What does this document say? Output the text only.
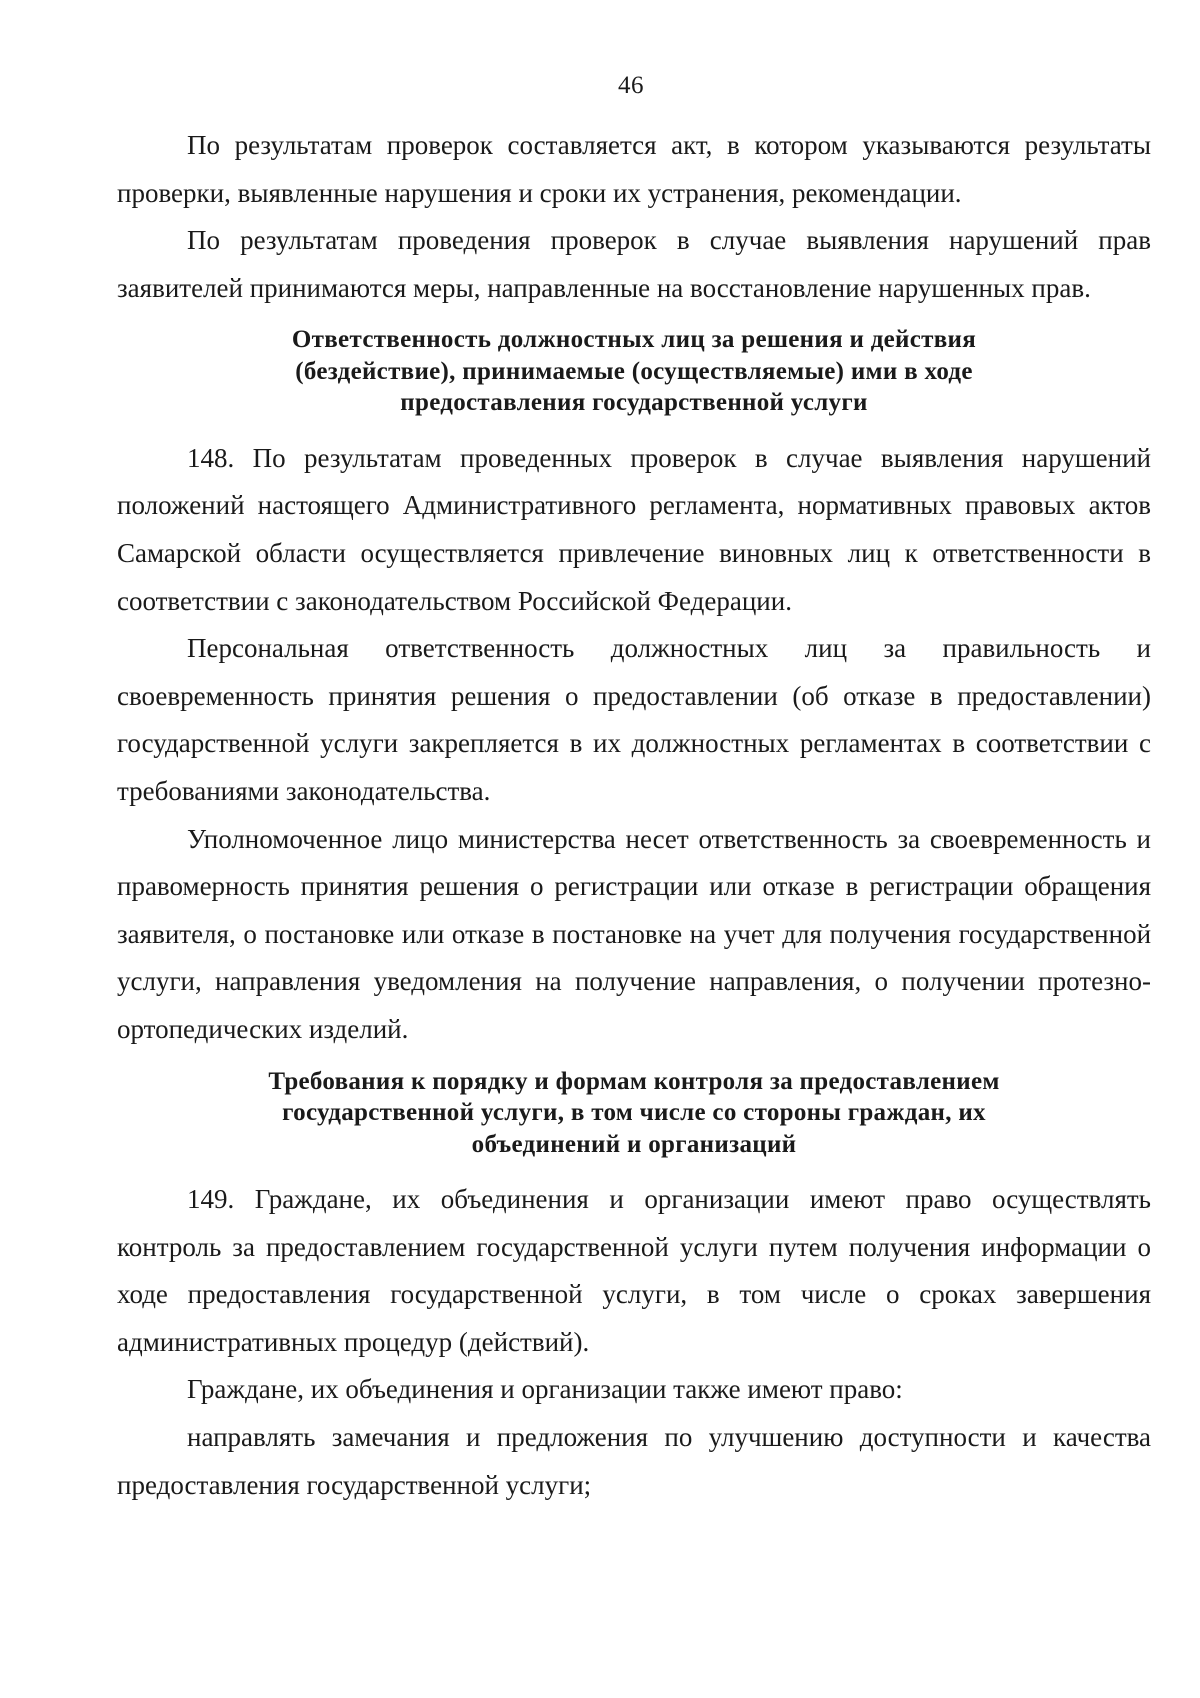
46

По результатам проверок составляется акт, в котором указываются результаты проверки, выявленные нарушения и сроки их устранения, рекомендации.

По результатам проведения проверок в случае выявления нарушений прав заявителей принимаются меры, направленные на восстановление нарушенных прав.

Ответственность должностных лиц за решения и действия
(бездействие), принимаемые (осуществляемые) ими в ходе
предоставления государственной услуги

148. По результатам проведенных проверок в случае выявления нарушений положений настоящего Административного регламента, нормативных правовых актов Самарской области осуществляется привлечение виновных лиц к ответственности в соответствии с законодательством Российской Федерации.

Персональная ответственность должностных лиц за правильность и своевременность принятия решения о предоставлении (об отказе в предоставлении) государственной услуги закрепляется в их должностных регламентах в соответствии с требованиями законодательства.

Уполномоченное лицо министерства несет ответственность за своевременность и правомерность принятия решения о регистрации или отказе в регистрации обращения заявителя, о постановке или отказе в постановке на учет для получения государственной услуги, направления уведомления на получение направления, о получении протезно-ортопедических изделий.

Требования к порядку и формам контроля за предоставлением
государственной услуги, в том числе со стороны граждан, их
объединений и организаций

149. Граждане, их объединения и организации имеют право осуществлять контроль за предоставлением государственной услуги путем получения информации о ходе предоставления государственной услуги, в том числе о сроках завершения административных процедур (действий).

Граждане, их объединения и организации также имеют право:

направлять замечания и предложения по улучшению доступности и качества предоставления государственной услуги;
